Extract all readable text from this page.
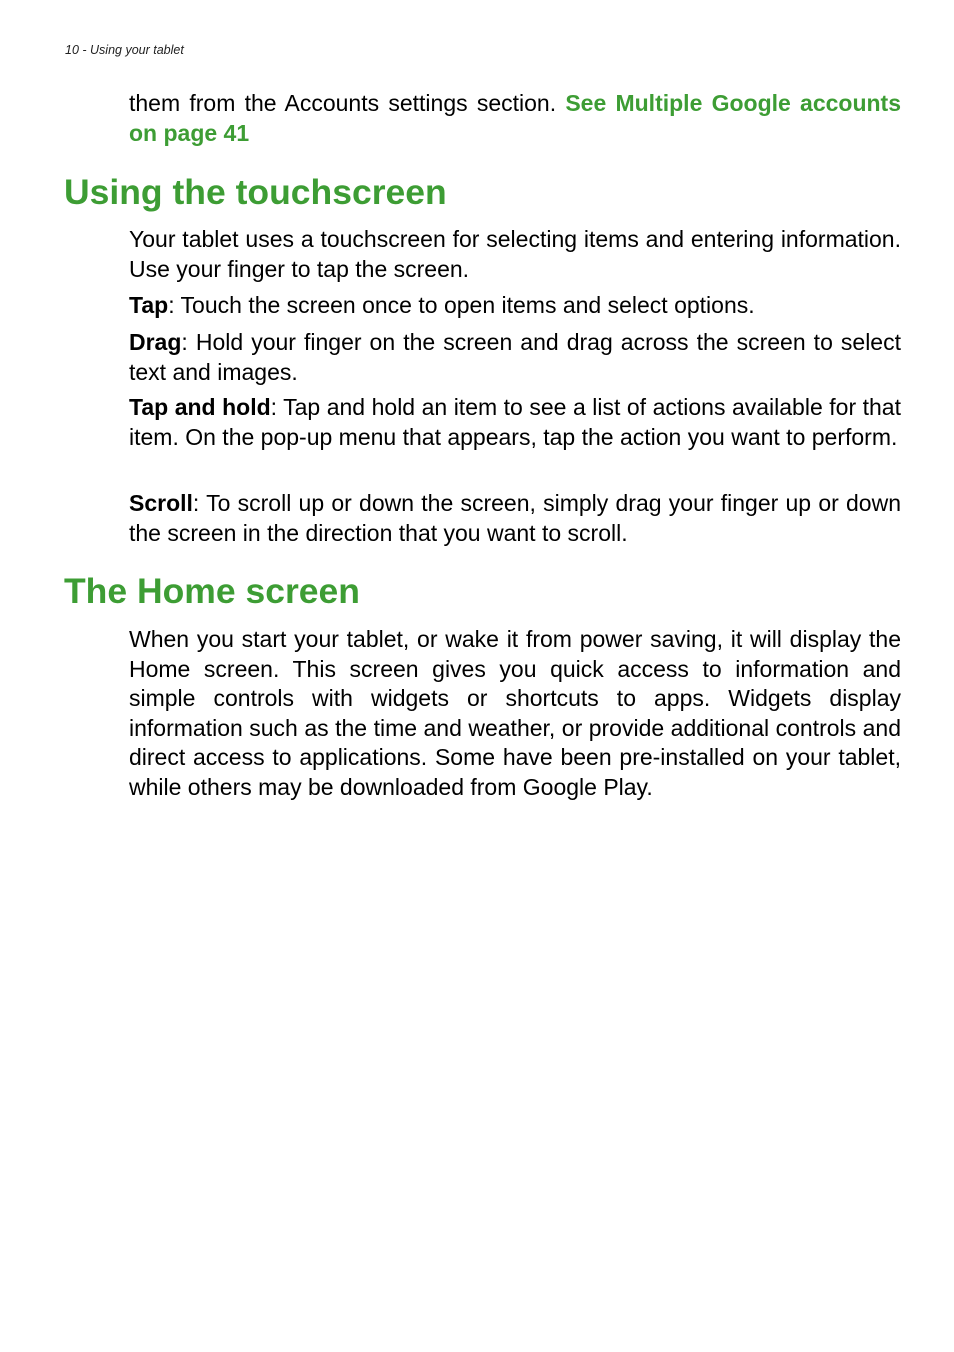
10 - Using your tablet

them from the Accounts settings section. See Multiple Google accounts on page 41

Using the touchscreen

Your tablet uses a touchscreen for selecting items and entering information. Use your finger to tap the screen.

Tap: Touch the screen once to open items and select options.

Drag: Hold your finger on the screen and drag across the screen to select text and images.

Tap and hold: Tap and hold an item to see a list of actions available for that item. On the pop-up menu that appears, tap the action you want to perform.

Scroll: To scroll up or down the screen, simply drag your finger up or down the screen in the direction that you want to scroll.

The Home screen

When you start your tablet, or wake it from power saving, it will display the Home screen. This screen gives you quick access to information and simple controls with widgets or shortcuts to apps. Widgets display information such as the time and weather, or provide additional controls and direct access to applications. Some have been pre-installed on your tablet, while others may be downloaded from Google Play.
